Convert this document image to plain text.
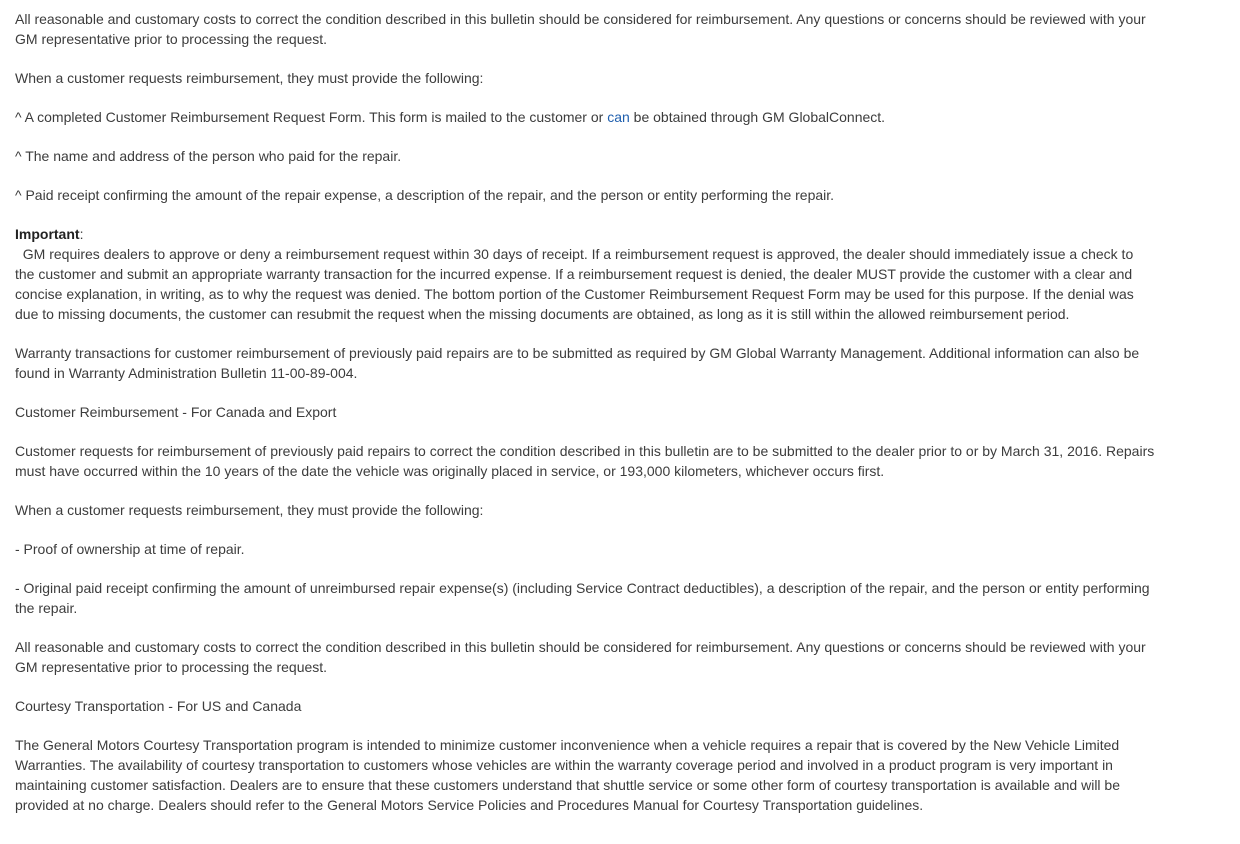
All reasonable and customary costs to correct the condition described in this bulletin should be considered for reimbursement. Any questions or concerns should be reviewed with your GM representative prior to processing the request.

When a customer requests reimbursement, they must provide the following:

^ A completed Customer Reimbursement Request Form. This form is mailed to the customer or can be obtained through GM GlobalConnect.

^ The name and address of the person who paid for the repair.

^ Paid receipt confirming the amount of the repair expense, a description of the repair, and the person or entity performing the repair.

Important:
GM requires dealers to approve or deny a reimbursement request within 30 days of receipt. If a reimbursement request is approved, the dealer should immediately issue a check to the customer and submit an appropriate warranty transaction for the incurred expense. If a reimbursement request is denied, the dealer MUST provide the customer with a clear and concise explanation, in writing, as to why the request was denied. The bottom portion of the Customer Reimbursement Request Form may be used for this purpose. If the denial was due to missing documents, the customer can resubmit the request when the missing documents are obtained, as long as it is still within the allowed reimbursement period.

Warranty transactions for customer reimbursement of previously paid repairs are to be submitted as required by GM Global Warranty Management. Additional information can also be found in Warranty Administration Bulletin 11-00-89-004.

Customer Reimbursement - For Canada and Export

Customer requests for reimbursement of previously paid repairs to correct the condition described in this bulletin are to be submitted to the dealer prior to or by March 31, 2016. Repairs must have occurred within the 10 years of the date the vehicle was originally placed in service, or 193,000 kilometers, whichever occurs first.

When a customer requests reimbursement, they must provide the following:

- Proof of ownership at time of repair.

- Original paid receipt confirming the amount of unreimbursed repair expense(s) (including Service Contract deductibles), a description of the repair, and the person or entity performing the repair.

All reasonable and customary costs to correct the condition described in this bulletin should be considered for reimbursement. Any questions or concerns should be reviewed with your GM representative prior to processing the request.

Courtesy Transportation - For US and Canada

The General Motors Courtesy Transportation program is intended to minimize customer inconvenience when a vehicle requires a repair that is covered by the New Vehicle Limited Warranties. The availability of courtesy transportation to customers whose vehicles are within the warranty coverage period and involved in a product program is very important in maintaining customer satisfaction. Dealers are to ensure that these customers understand that shuttle service or some other form of courtesy transportation is available and will be provided at no charge. Dealers should refer to the General Motors Service Policies and Procedures Manual for Courtesy Transportation guidelines.
